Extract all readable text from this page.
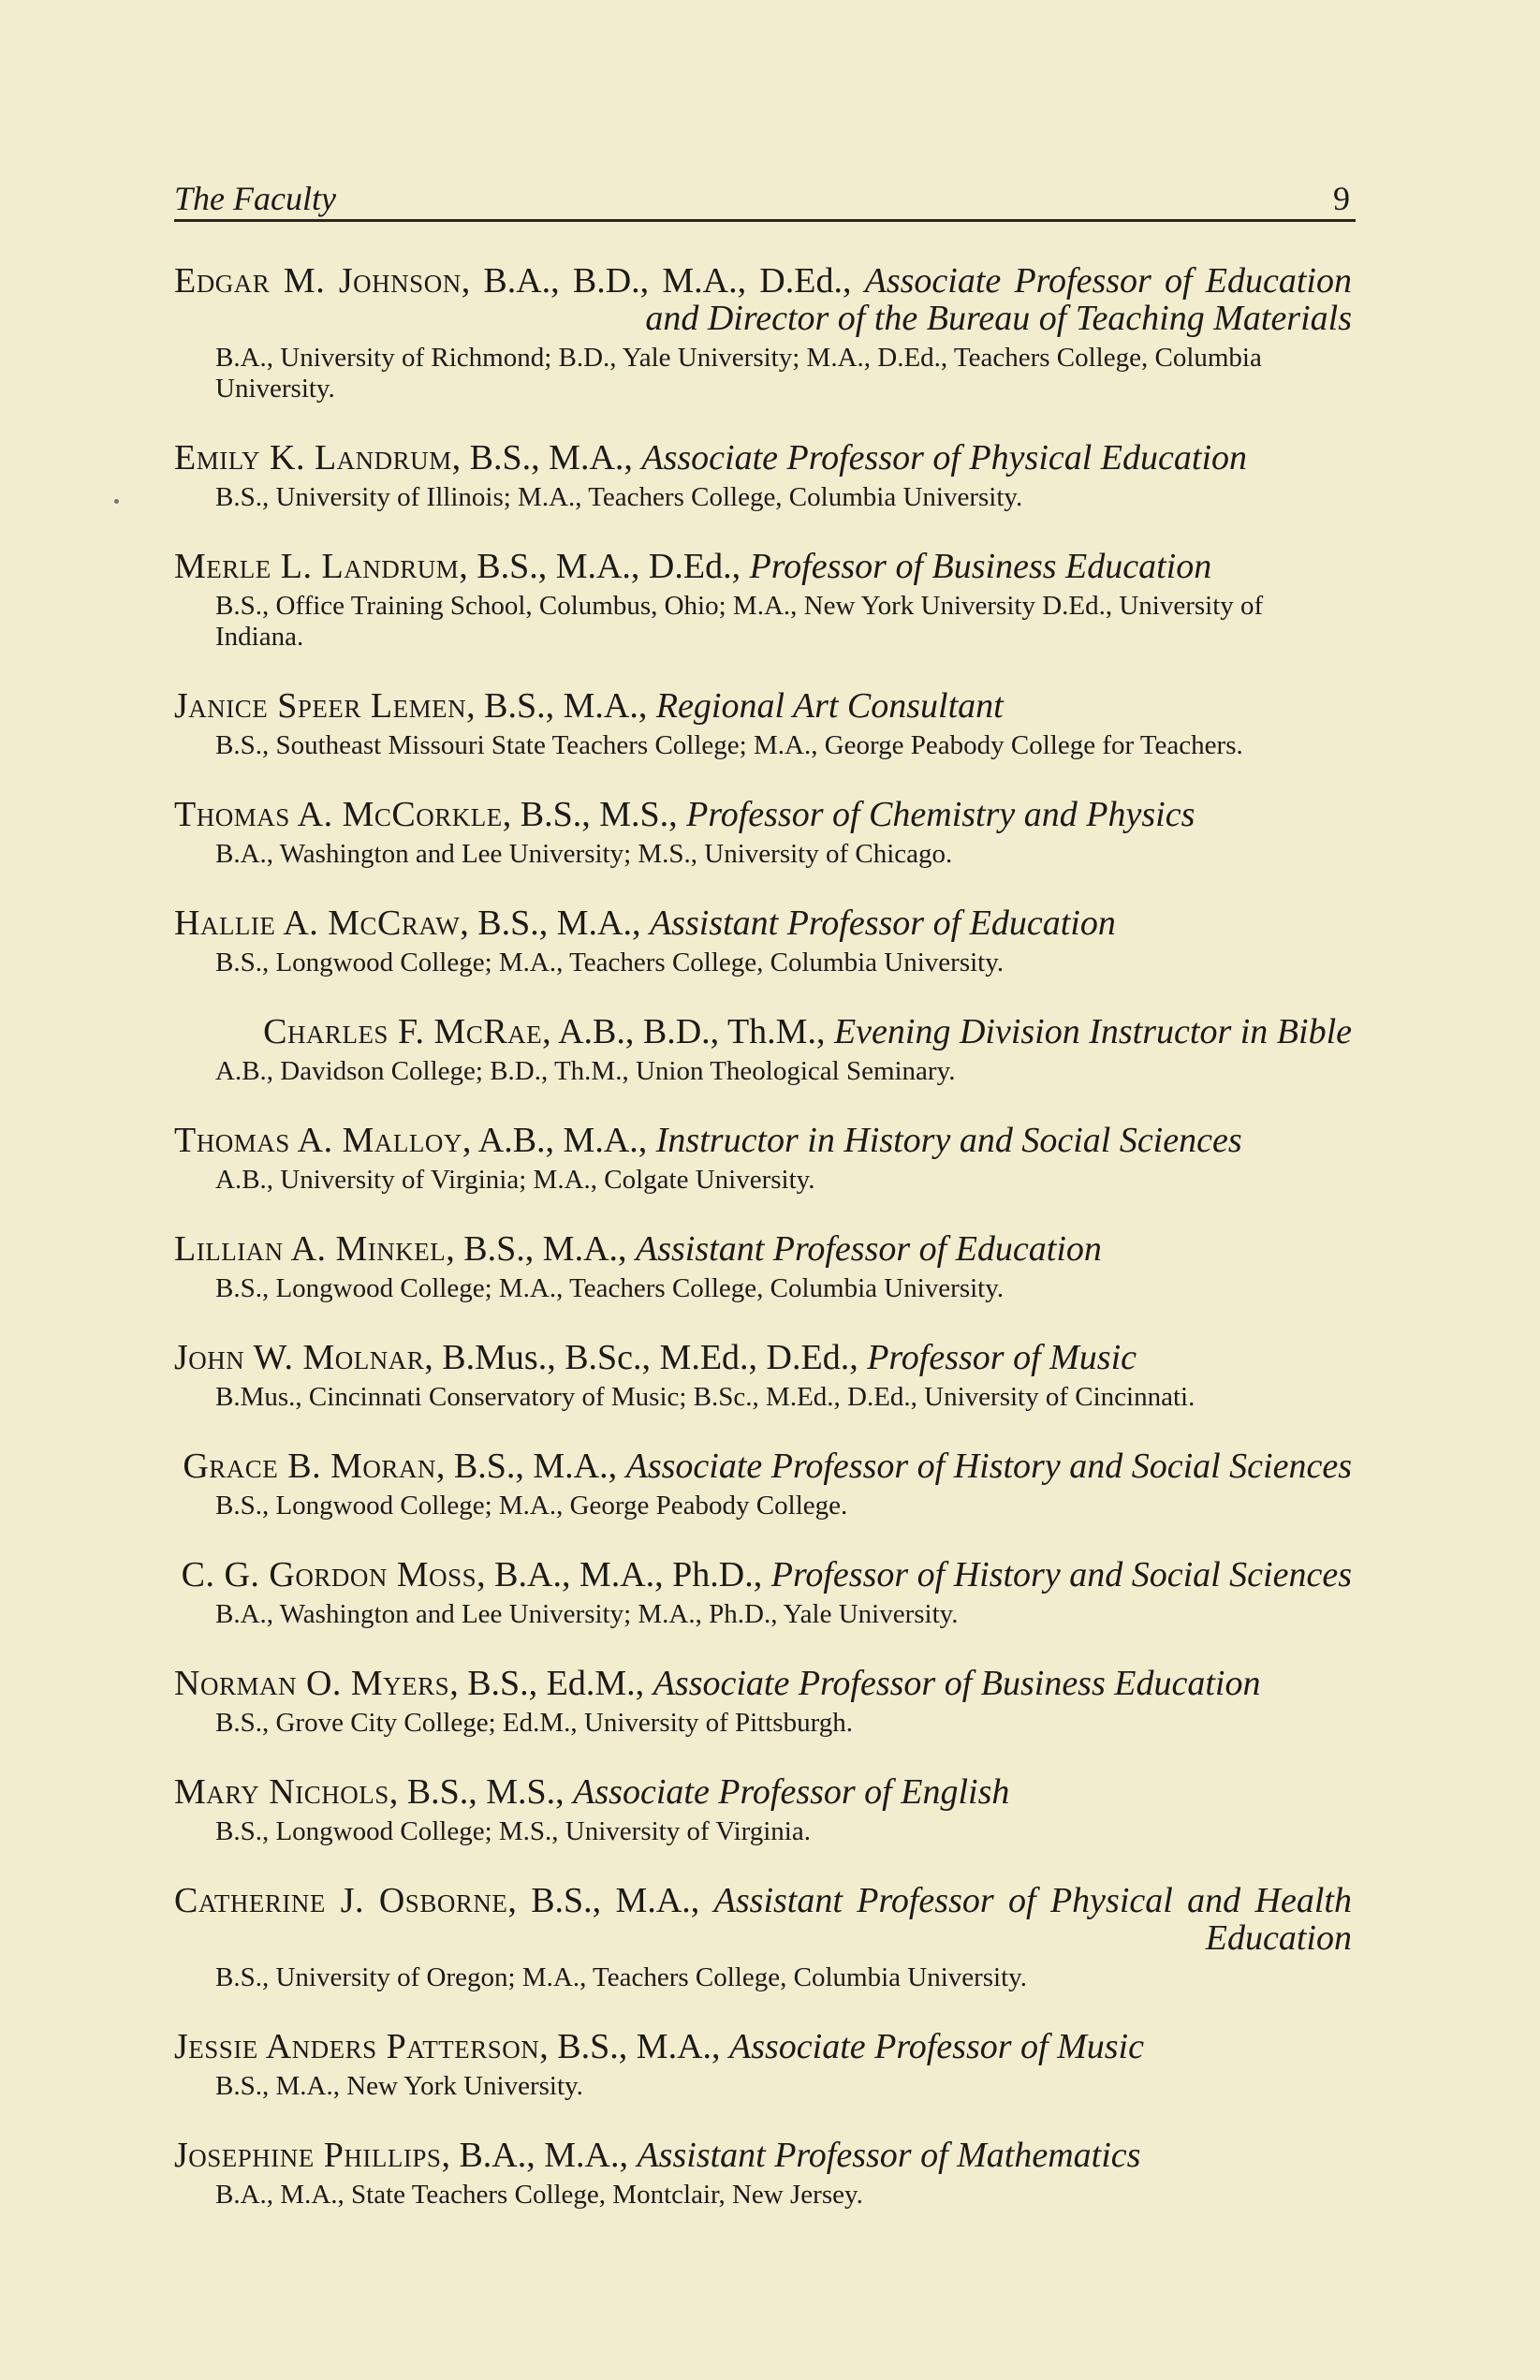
The Faculty	9
Edgar M. Johnson, B.A., B.D., M.A., D.Ed., Associate Professor of Education and Director of the Bureau of Teaching Materials
B.A., University of Richmond; B.D., Yale University; M.A., D.Ed., Teachers College, Columbia University.
Emily K. Landrum, B.S., M.A., Associate Professor of Physical Education
B.S., University of Illinois; M.A., Teachers College, Columbia University.
Merle L. Landrum, B.S., M.A., D.Ed., Professor of Business Education
B.S., Office Training School, Columbus, Ohio; M.A., New York University D.Ed., University of Indiana.
Janice Speer Lemen, B.S., M.A., Regional Art Consultant
B.S., Southeast Missouri State Teachers College; M.A., George Peabody College for Teachers.
Thomas A. McCorkle, B.S., M.S., Professor of Chemistry and Physics
B.A., Washington and Lee University; M.S., University of Chicago.
Hallie A. McCraw, B.S., M.A., Assistant Professor of Education
B.S., Longwood College; M.A., Teachers College, Columbia University.
Charles F. McRae, A.B., B.D., Th.M., Evening Division Instructor in Bible
A.B., Davidson College; B.D., Th.M., Union Theological Seminary.
Thomas A. Malloy, A.B., M.A., Instructor in History and Social Sciences
A.B., University of Virginia; M.A., Colgate University.
Lillian A. Minkel, B.S., M.A., Assistant Professor of Education
B.S., Longwood College; M.A., Teachers College, Columbia University.
John W. Molnar, B.Mus., B.Sc., M.Ed., D.Ed., Professor of Music
B.Mus., Cincinnati Conservatory of Music; B.Sc., M.Ed., D.Ed., University of Cincinnati.
Grace B. Moran, B.S., M.A., Associate Professor of History and Social Sciences
B.S., Longwood College; M.A., George Peabody College.
C. G. Gordon Moss, B.A., M.A., Ph.D., Professor of History and Social Sciences
B.A., Washington and Lee University; M.A., Ph.D., Yale University.
Norman O. Myers, B.S., Ed.M., Associate Professor of Business Education
B.S., Grove City College; Ed.M., University of Pittsburgh.
Mary Nichols, B.S., M.S., Associate Professor of English
B.S., Longwood College; M.S., University of Virginia.
Catherine J. Osborne, B.S., M.A., Assistant Professor of Physical and Health Education
B.S., University of Oregon; M.A., Teachers College, Columbia University.
Jessie Anders Patterson, B.S., M.A., Associate Professor of Music
B.S., M.A., New York University.
Josephine Phillips, B.A., M.A., Assistant Professor of Mathematics
B.A., M.A., State Teachers College, Montclair, New Jersey.
